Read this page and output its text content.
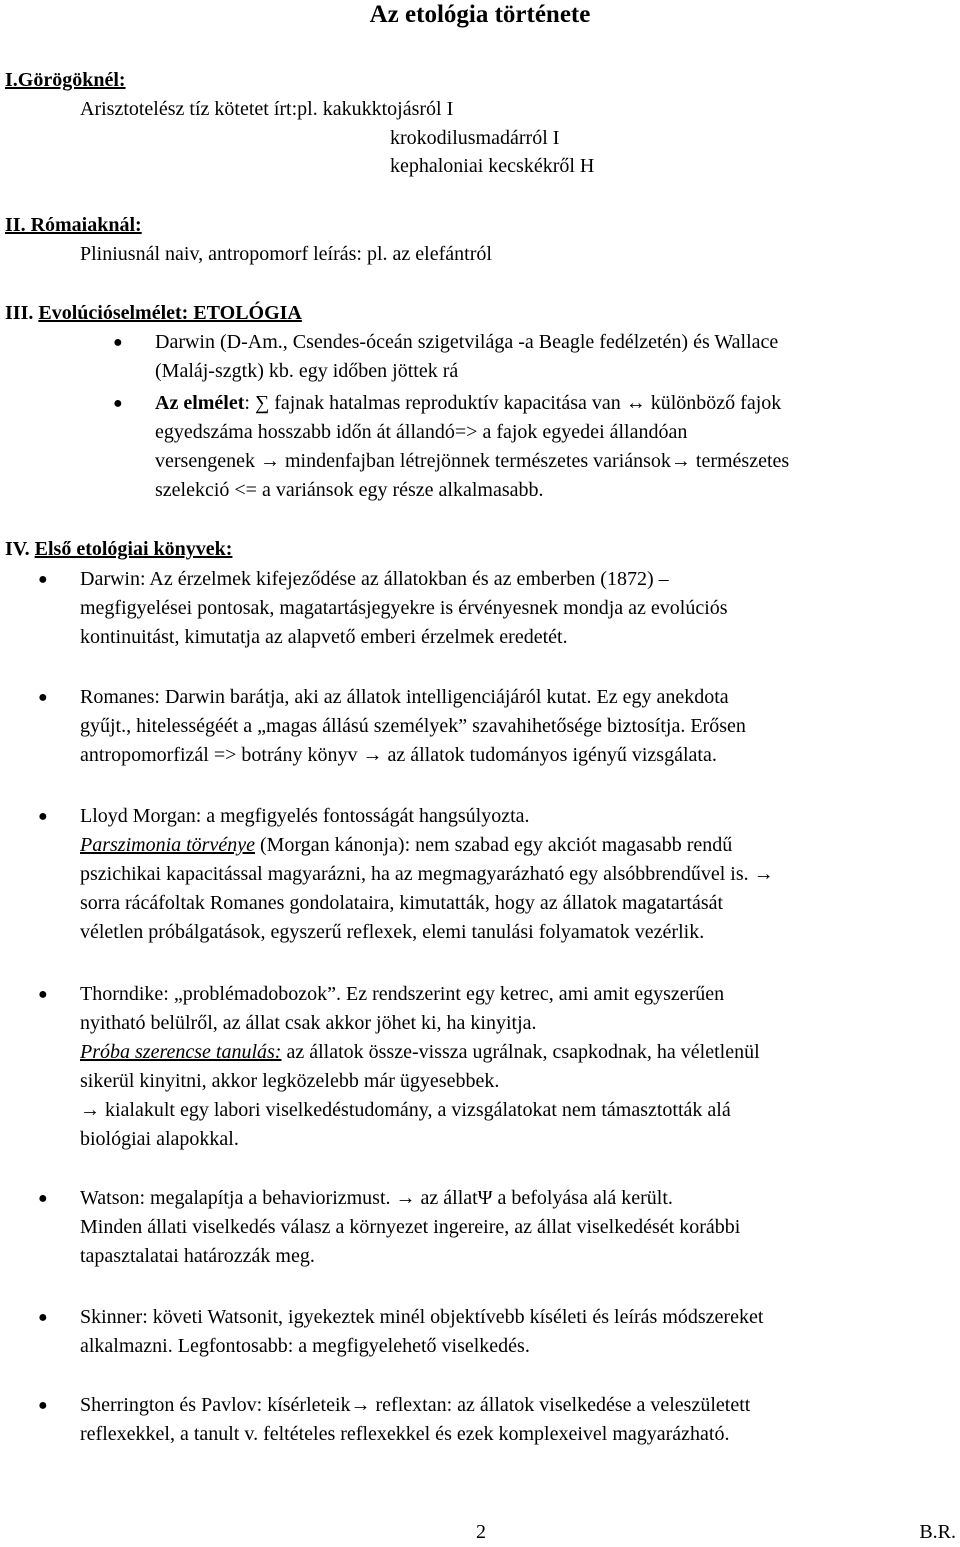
Az etológia története
I.Görögöknél:
Arisztotelész tíz kötetet írt:pl. kakukktojásról I
krokodilusmadárról I
kephaloniai kecskékről H
II. Rómaiaknál:
Pliniusnál naiv, antropomorf leírás: pl. az elefántról
III. Evolúcióselmélet: ETOLÓGIA
● Darwin (D-Am., Csendes-óceán szigetvilága -a Beagle fedélzetén) és Wallace
(Maláj-szgtk) kb. egy időben jöttek rá
● Az elmélet: ∑ fajnak hatalmas reproduktív kapacitása van ↔ különböző fajok
egyedszáma hosszabb időn át állandó=> a fajok egyedei állandóan
versengenek → mindenfajban létrejönnek természetes variánsok→ természetes
szelekció <= a variánsok egy része alkalmasabb.
IV. Első etológiai könyvek:
● Darwin: Az érzelmek kifejeződése az állatokban és az emberben (1872) –
megfigyelései pontosak, magatartásjegyekre is érvényesnek mondja az evolúciós
kontinuitást, kimutatja az alapvető emberi érzelmek eredetét.
● Romanes: Darwin barátja, aki az állatok intelligenciájáról kutat. Ez egy anekdota
gyűjt., hitelességéét a „magas állású személyek” szavahihetősége biztosítja. Erősen
antropomorfizál => botrány könyv → az állatok tudományos igényű vizsgálata.
● Lloyd Morgan: a megfigyelés fontosságát hangsúlyozta.
Parszimonia törvénye (Morgan kánonja): nem szabad egy akciót magasabb rendű
pszichikai kapacitással magyarázni, ha az megmagyarázható egy alsóbbrendűvel is. →
sorra rácáfoltak Romanes gondolataira, kimutatták, hogy az állatok magatartását
véletlen próbálgatások, egyszerű reflexek, elemi tanulási folyamatok vezérlik.
● Thorndike: „problémadobozok”. Ez rendszerint egy ketrec, ami amit egyszerűen
nyitható belülről, az állat csak akkor jöhet ki, ha kinyitja.
Próba szerencse tanulás: az állatok össze-vissza ugrálnak, csapkodnak, ha véletlenül
sikerül kinyitni, akkor legközelebb már ügyesebbek.
→ kialakult egy labori viselkedéstudomány, a vizsgálatokat nem támasztották alá
biológiai alapokkal.
● Watson: megalapítja a behaviorizmust. → az állatΨ a befolyása alá került.
Minden állati viselkedés válasz a környezet ingereire, az állat viselkedését korábbi
tapasztalatai határozzák meg.
● Skinner: követi Watsonit, igyekeztek minél objektívebb kíséleti és leírás módszereket
alkalmazni. Legfontosabb: a megfigyelehető viselkedés.
● Sherrington és Pavlov: kísérleteik→ reflextan: az állatok viselkedése a veleszületett
reflexekkel, a tanult v. feltételes reflexekkel és ezek komplexeivel magyarázható.
2	B.R.
